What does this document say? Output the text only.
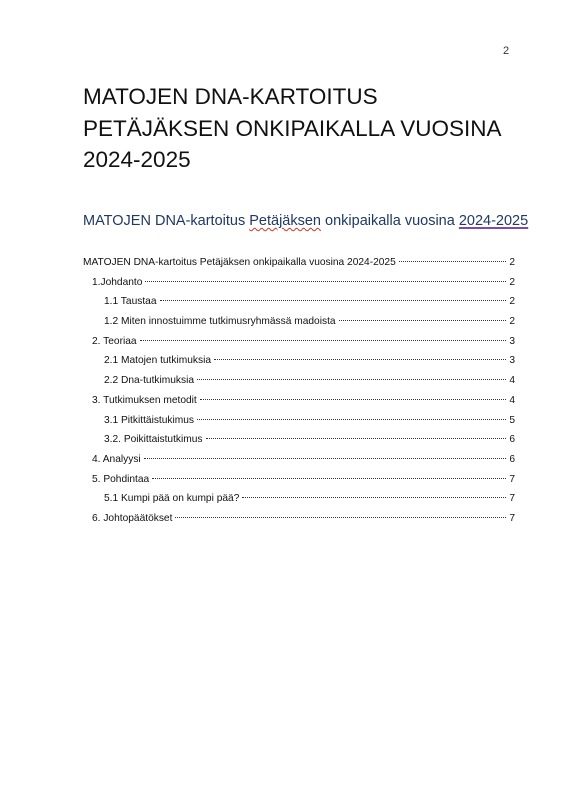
2
MATOJEN DNA-KARTOITUS PETÄJÄKSEN ONKIPAIKALLA VUOSINA 2024-2025
MATOJEN DNA-kartoitus Petäjäksen onkipaikalla vuosina 2024-2025
MATOJEN DNA-kartoitus Petäjäksen onkipaikalla vuosina 2024-2025	2
1.Johdanto	2
1.1 Taustaa	2
1.2 Miten innostuimme tutkimusryhmässä madoista	2
2. Teoriaa	3
2.1 Matojen tutkimuksia	3
2.2 Dna-tutkimuksia	4
3. Tutkimuksen metodit	4
3.1 Pitkittäistukimus	5
3.2. Poikittaistutkimus	6
4. Analyysi	6
5. Pohdintaa	7
5.1 Kumpi pää on kumpi pää?	7
6. Johtopäätökset	7
